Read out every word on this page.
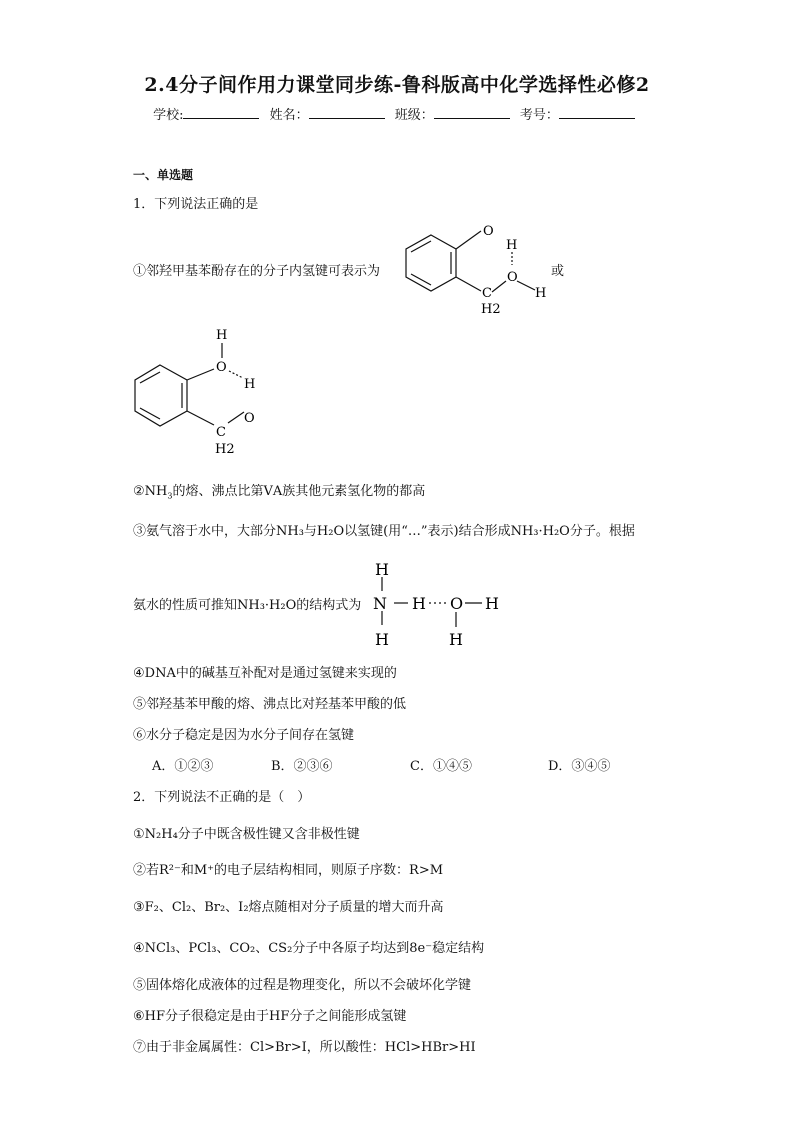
2.4分子间作用力课堂同步练-鲁科版高中化学选择性必修2
学校:	姓名：	班级：	考号：
一、单选题
1．下列说法正确的是
①邻羟甲基苯酚存在的分子内氢键可表示为
O
H
O
H
C
H2
或
H
O
H
O
C
H2
$②NH_3$的熔、沸点比第ⅤA族其他元素氢化物的都高
③氨气溶于水中，大部分NH₃与H₂O以氢键(用“…”表示)结合形成NH₃·H₂O分子。根据
氨水的性质可推知NH₃·H₂O的结构式为
H
N
H
H O H
H
④DNA中的碱基互补配对是通过氢键来实现的
⑤邻羟基苯甲酸的熔、沸点比对羟基苯甲酸的低
⑥水分子稳定是因为水分子间存在氢键
A．①②③	B．②③⑥	C．①④⑤	D．③④⑤
2．下列说法不正确的是（　）
①N₂H₄分子中既含极性键又含非极性键
②若R²⁻和M⁺的电子层结构相同，则原子序数：R>M
③F₂、Cl₂、Br₂、I₂熔点随相对分子质量的增大而升高
④NCl₃、PCl₃、CO₂、CS₂分子中各原子均达到8e⁻稳定结构
⑤固体熔化成液体的过程是物理变化，所以不会破坏化学键
⑥HF分子很稳定是由于HF分子之间能形成氢键
⑦由于非金属属性：Cl>Br>I，所以酸性：HCl>HBr>HI
